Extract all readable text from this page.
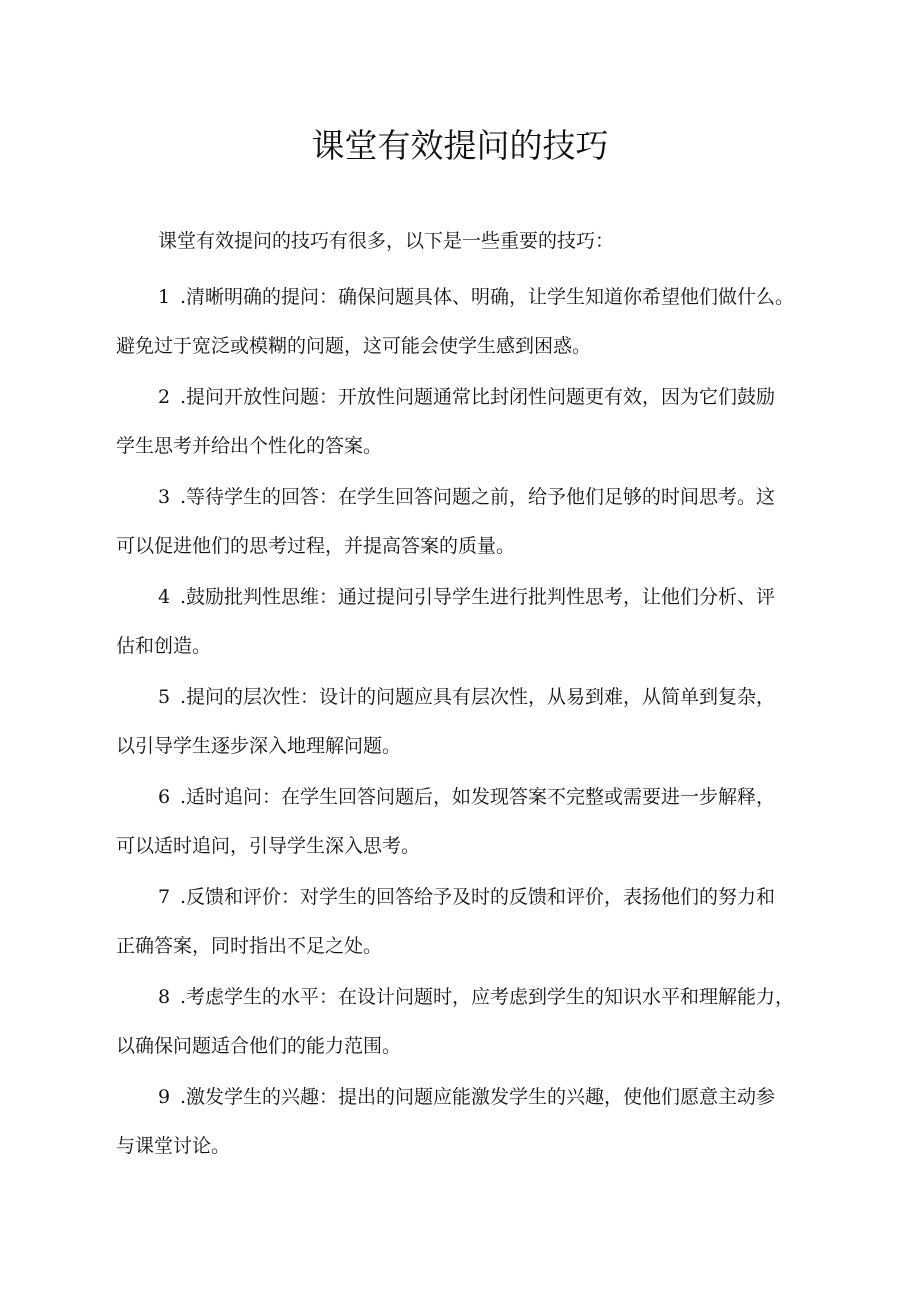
课堂有效提问的技巧

课堂有效提问的技巧有很多，以下是一些重要的技巧：

1 .清晰明确的提问：确保问题具体、明确，让学生知道你希望他们做什么。
避免过于宽泛或模糊的问题，这可能会使学生感到困惑。
2 .提问开放性问题：开放性问题通常比封闭性问题更有效，因为它们鼓励
学生思考并给出个性化的答案。
3 .等待学生的回答：在学生回答问题之前，给予他们足够的时间思考。这
可以促进他们的思考过程，并提高答案的质量。
4 .鼓励批判性思维：通过提问引导学生进行批判性思考，让他们分析、评
估和创造。
5 .提问的层次性：设计的问题应具有层次性，从易到难，从简单到复杂，
以引导学生逐步深入地理解问题。
6 .适时追问：在学生回答问题后，如发现答案不完整或需要进一步解释，
可以适时追问，引导学生深入思考。
7 .反馈和评价：对学生的回答给予及时的反馈和评价，表扬他们的努力和
正确答案，同时指出不足之处。
8 .考虑学生的水平：在设计问题时，应考虑到学生的知识水平和理解能力，
以确保问题适合他们的能力范围。
9 .激发学生的兴趣：提出的问题应能激发学生的兴趣，使他们愿意主动参
与课堂讨论。
